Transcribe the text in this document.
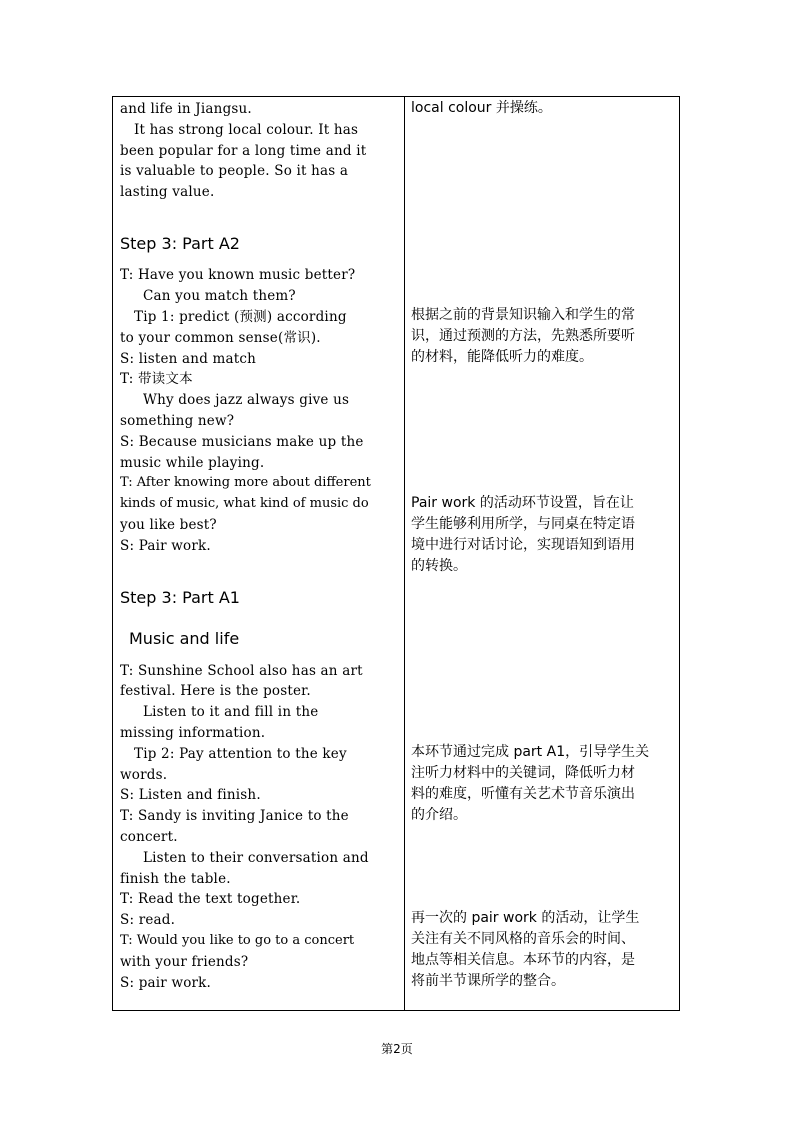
and life in Jiangsu.
It has strong local colour. It has
been popular for a long time and it
is valuable to people. So it has a
lasting value.
Step 3: Part A2
T: Have you known music better?
Can you match them?
Tip 1: predict (预测) according
to your common sense(常识).
S: listen and match
T: 带读文本
Why does jazz always give us
something new?
S: Because musicians make up the
music while playing.
T: After knowing more about different
kinds of music, what kind of music do
you like best?
S: Pair work.
Step 3: Part A1
Music and life
T: Sunshine School also has an art
festival. Here is the poster.
Listen to it and fill in the
missing information.
Tip 2: Pay attention to the key
words.
S: Listen and finish.
T: Sandy is inviting Janice to the
concert.
Listen to their conversation and
finish the table.
T: Read the text together.
S: read.
T: Would you like to go to a concert
with your friends?
S: pair work.
local colour 并操练。
根据之前的背景知识输入和学生的常
识，通过预测的方法，先熟悉所要听
的材料，能降低听力的难度。
Pair work 的活动环节设置，旨在让
学生能够利用所学，与同桌在特定语
境中进行对话讨论，实现语知到语用
的转换。
本环节通过完成 part A1，引导学生关
注听力材料中的关键词，降低听力材
料的难度，听懂有关艺术节音乐演出
的介绍。
再一次的 pair work 的活动，让学生
关注有关不同风格的音乐会的时间、
地点等相关信息。本环节的内容，是
将前半节课所学的整合。
第2页
